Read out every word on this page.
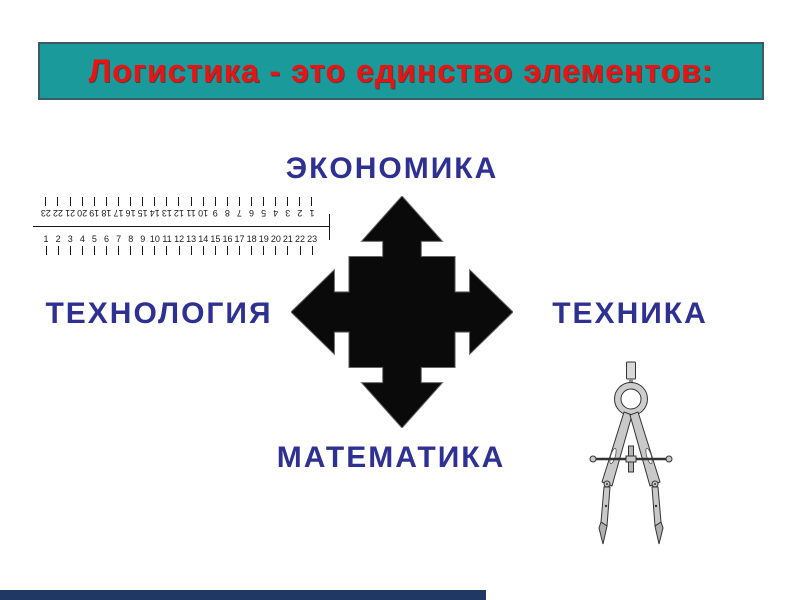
Логистика - это единство элементов:
ЭКОНОМИКА
ТЕХНОЛОГИЯ	ТЕХНИКА
МАТЕМАТИКА
1
2
3
4
5
6
7
8
9
10
11
12
13
14
15
16
17
18
19
20
21
22
23
1 2 3 4 5 6 7 8 9 10 11 12 13 14 15 16 17 18 19 20 21 22 23
